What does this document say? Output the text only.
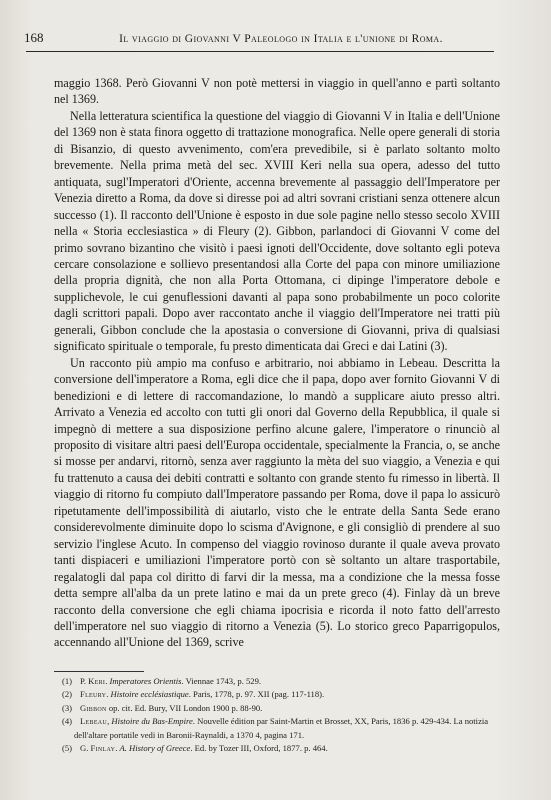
168	Il viaggio di Giovanni V Paleologo in Italia e l'unione di Roma.

maggio 1368. Però Giovanni V non potè mettersi in viaggio in quell'anno e partì soltanto nel 1369.

Nella letteratura scientifica la questione del viaggio di Giovanni V in Italia e dell'Unione del 1369 non è stata finora oggetto di trattazione monografica. Nelle opere generali di storia di Bisanzio, di questo avvenimento, com'era prevedibile, si è parlato soltanto molto brevemente. Nella prima metà del sec. XVIII Keri nella sua opera, adesso del tutto antiquata, sugl'Imperatori d'Oriente, accenna brevemente al passaggio dell'Imperatore per Venezia diretto a Roma, da dove si diresse poi ad altri sovrani cristiani senza ottenere alcun successo (1). Il racconto dell'Unione è esposto in due sole pagine nello stesso secolo XVIII nella « Storia ecclesiastica » di Fleury (2). Gibbon, parlandoci di Giovanni V come del primo sovrano bizantino che visitò i paesi ignoti dell'Occidente, dove soltanto egli poteva cercare consolazione e sollievo presentandosi alla Corte del papa con minore umiliazione della propria dignità, che non alla Porta Ottomana, ci dipinge l'imperatore debole e supplichevole, le cui genuflessioni davanti al papa sono probabilmente un poco colorite dagli scrittori papali. Dopo aver raccontato anche il viaggio dell'Imperatore nei tratti più generali, Gibbon conclude che la apostasia o conversione di Giovanni, priva di qualsiasi significato spirituale o temporale, fu presto dimenticata dai Greci e dai Latini (3).

Un racconto più ampio ma confuso e arbitrario, noi abbiamo in Lebeau. Descritta la conversione dell'imperatore a Roma, egli dice che il papa, dopo aver fornito Giovanni V di benedizioni e di lettere di raccomandazione, lo mandò a supplicare aiuto presso altri. Arrivato a Venezia ed accolto con tutti gli onori dal Governo della Repubblica, il quale si impegnò di mettere a sua disposizione perfino alcune galere, l'imperatore o rinunciò al proposito di visitare altri paesi dell'Europa occidentale, specialmente la Francia, o, se anche si mosse per andarvi, ritornò, senza aver raggiunto la mèta del suo viaggio, a Venezia e qui fu trattenuto a causa dei debiti contratti e soltanto con grande stento fu rimesso in libertà. Il viaggio di ritorno fu compiuto dall'Imperatore passando per Roma, dove il papa lo assicurò ripetutamente dell'impossibilità di aiutarlo, visto che le entrate della Santa Sede erano considerevolmente diminuite dopo lo scisma d'Avignone, e gli consigliò di prendere al suo servizio l'inglese Acuto. In compenso del viaggio rovinoso durante il quale aveva provato tanti dispiaceri e umiliazioni l'imperatore portò con sè soltanto un altare trasportabile, regalatogli dal papa col diritto di farvi dir la messa, ma a condizione che la messa fosse detta sempre all'alba da un prete latino e mai da un prete greco (4). Finlay dà un breve racconto della conversione che egli chiama ipocrisia e ricorda il noto fatto dell'arresto dell'imperatore nel suo viaggio di ritorno a Venezia (5). Lo storico greco Paparrigopulos, accennando all'Unione del 1369, scrive

(1) P. Keri. Imperatores Orientis. Viennae 1743, p. 529.

(2) Fleury. Histoire ecclésiastique. Paris, 1778, p. 97. XII (pag. 117-118).

(3) Gibbon op. cit. Ed. Bury, VII London 1900 p. 88-90.

(4) Lebeau, Histoire du Bas-Empire. Nouvelle édition par Saint-Martin et Brosset, XX, Paris, 1836 p. 429-434. La notizia dell'altare portatile vedi in Baronii-Raynaldi, a 1370 4, pagina 171.

(5) G. Finlay. A. History of Greece. Ed. by Tozer III, Oxford, 1877. p. 464.
